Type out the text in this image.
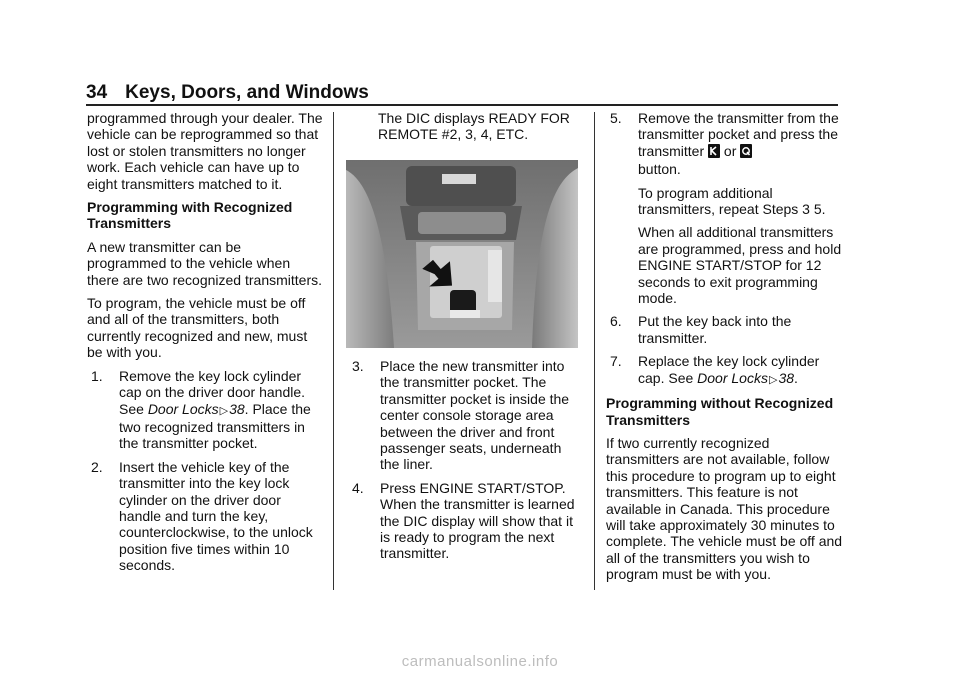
34 Keys, Doors, and Windows

programmed through your dealer. The vehicle can be reprogrammed so that lost or stolen transmitters no longer work. Each vehicle can have up to eight transmitters matched to it.

Programming with Recognized Transmitters

A new transmitter can be programmed to the vehicle when there are two recognized transmitters.

To program, the vehicle must be off and all of the transmitters, both currently recognized and new, must be with you.

1. Remove the key lock cylinder cap on the driver door handle. See Door Locks▷38. Place the two recognized transmitters in the transmitter pocket.
2. Insert the vehicle key of the transmitter into the key lock cylinder on the driver door handle and turn the key, counterclockwise, to the unlock position five times within 10 seconds.
The DIC displays READY FOR REMOTE #2, 3, 4, ETC.
3. Place the new transmitter into the transmitter pocket. The transmitter pocket is inside the center console storage area between the driver and front passenger seats, underneath the liner.
4. Press ENGINE START/STOP. When the transmitter is learned the DIC display will show that it is ready to program the next transmitter.
5. Remove the transmitter from the transmitter pocket and press the transmitter  or
button.
To program additional transmitters, repeat Steps 3 5.
When all additional transmitters are programmed, press and hold ENGINE START/STOP for 12 seconds to exit programming mode.
6. Put the key back into the transmitter.
7. Replace the key lock cylinder cap. See Door Locks▷38.

Programming without Recognized Transmitters

If two currently recognized transmitters are not available, follow this procedure to program up to eight transmitters. This feature is not available in Canada. This procedure will take approximately 30 minutes to complete. The vehicle must be off and all of the transmitters you wish to program must be with you.

carmanualsonline.info
